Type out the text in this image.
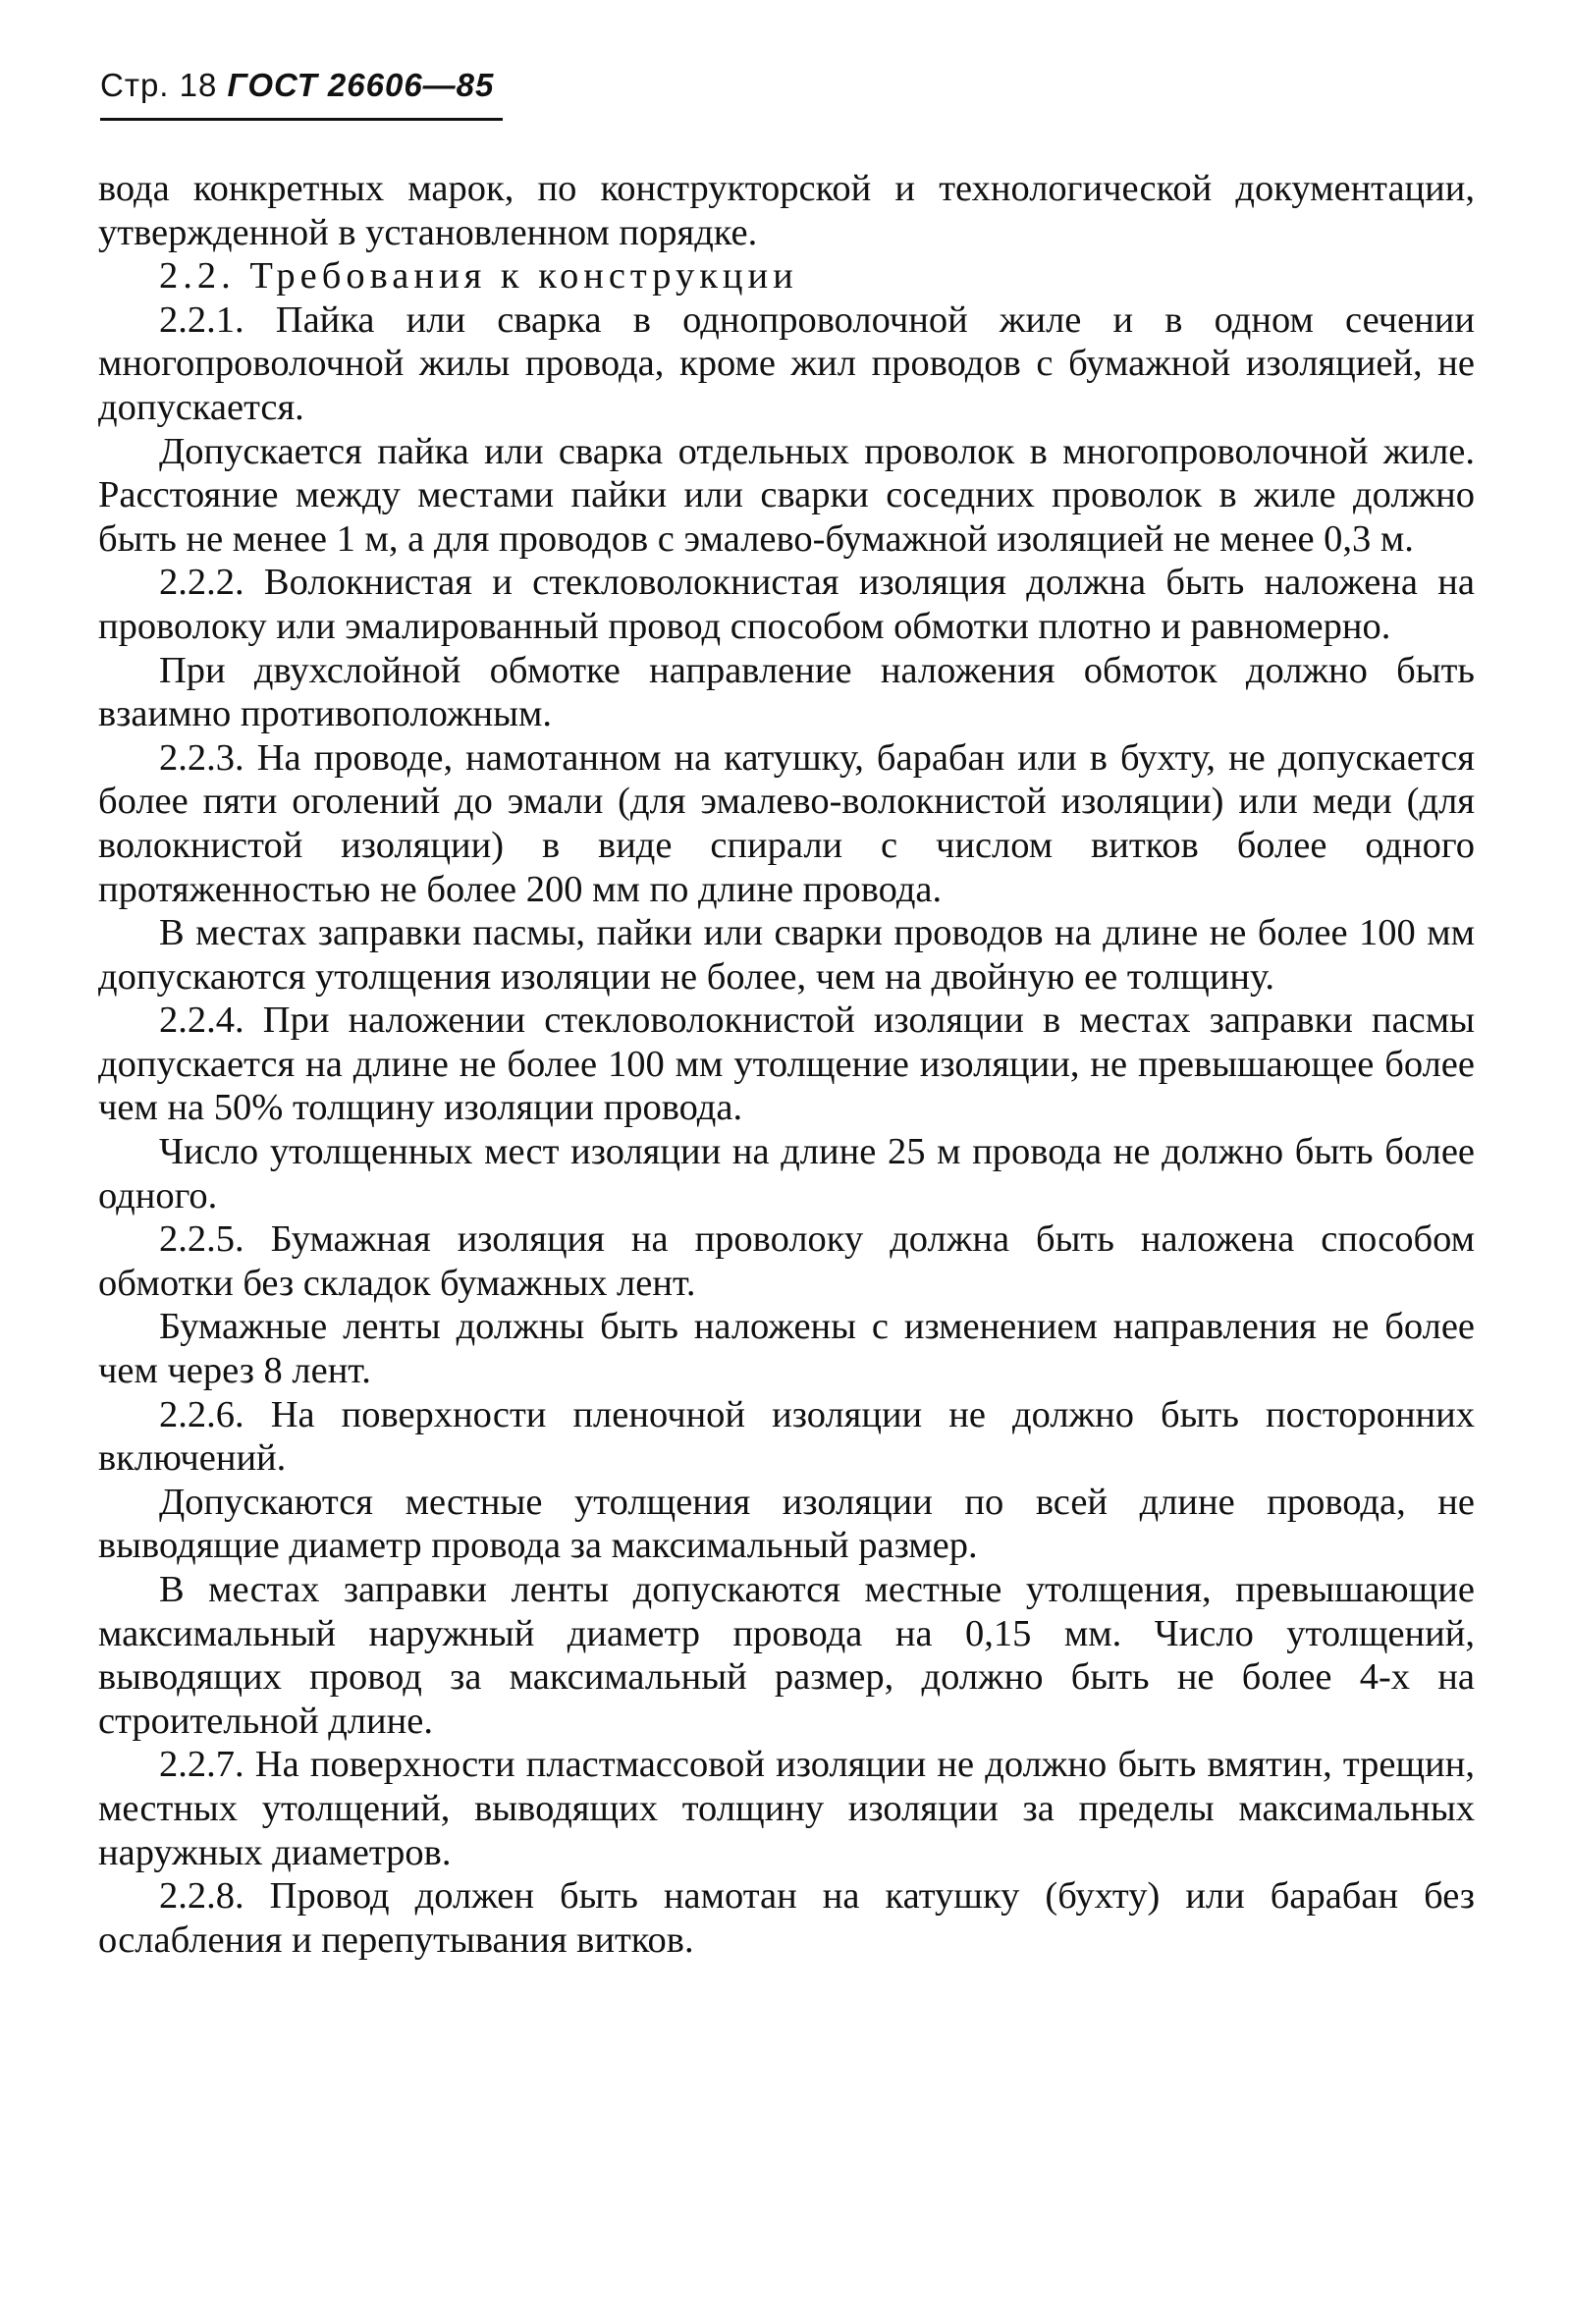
Стр. 18 ГОСТ 26606—85

вода конкретных марок, по конструкторской и технологической документации, утвержденной в установленном порядке.

2.2. Требования к конструкции

2.2.1. Пайка или сварка в однопроволочной жиле и в одном сечении многопроволочной жилы провода, кроме жил проводов с бумажной изоляцией, не допускается.

Допускается пайка или сварка отдельных проволок в многопроволочной жиле. Расстояние между местами пайки или сварки соседних проволок в жиле должно быть не менее 1 м, а для проводов с эмалево-бумажной изоляцией не менее 0,3 м.

2.2.2. Волокнистая и стекловолокнистая изоляция должна быть наложена на проволоку или эмалированный провод способом обмотки плотно и равномерно.

При двухслойной обмотке направление наложения обмоток должно быть взаимно противоположным.

2.2.3. На проводе, намотанном на катушку, барабан или в бухту, не допускается более пяти оголений до эмали (для эмалево-волокнистой изоляции) или меди (для волокнистой изоляции) в виде спирали с числом витков более одного протяженностью не более 200 мм по длине провода.

В местах заправки пасмы, пайки или сварки проводов на длине не более 100 мм допускаются утолщения изоляции не более, чем на двойную ее толщину.

2.2.4. При наложении стекловолокнистой изоляции в местах заправки пасмы допускается на длине не более 100 мм утолщение изоляции, не превышающее более чем на 50% толщину изоляции провода.

Число утолщенных мест изоляции на длине 25 м провода не должно быть более одного.

2.2.5. Бумажная изоляция на проволоку должна быть наложена способом обмотки без складок бумажных лент.

Бумажные ленты должны быть наложены с изменением направления не более чем через 8 лент.

2.2.6. На поверхности пленочной изоляции не должно быть посторонних включений.

Допускаются местные утолщения изоляции по всей длине провода, не выводящие диаметр провода за максимальный размер.

В местах заправки ленты допускаются местные утолщения, превышающие максимальный наружный диаметр провода на 0,15 мм. Число утолщений, выводящих провод за максимальный размер, должно быть не более 4-х на строительной длине.

2.2.7. На поверхности пластмассовой изоляции не должно быть вмятин, трещин, местных утолщений, выводящих толщину изоляции за пределы максимальных наружных диаметров.

2.2.8. Провод должен быть намотан на катушку (бухту) или барабан без ослабления и перепутывания витков.
